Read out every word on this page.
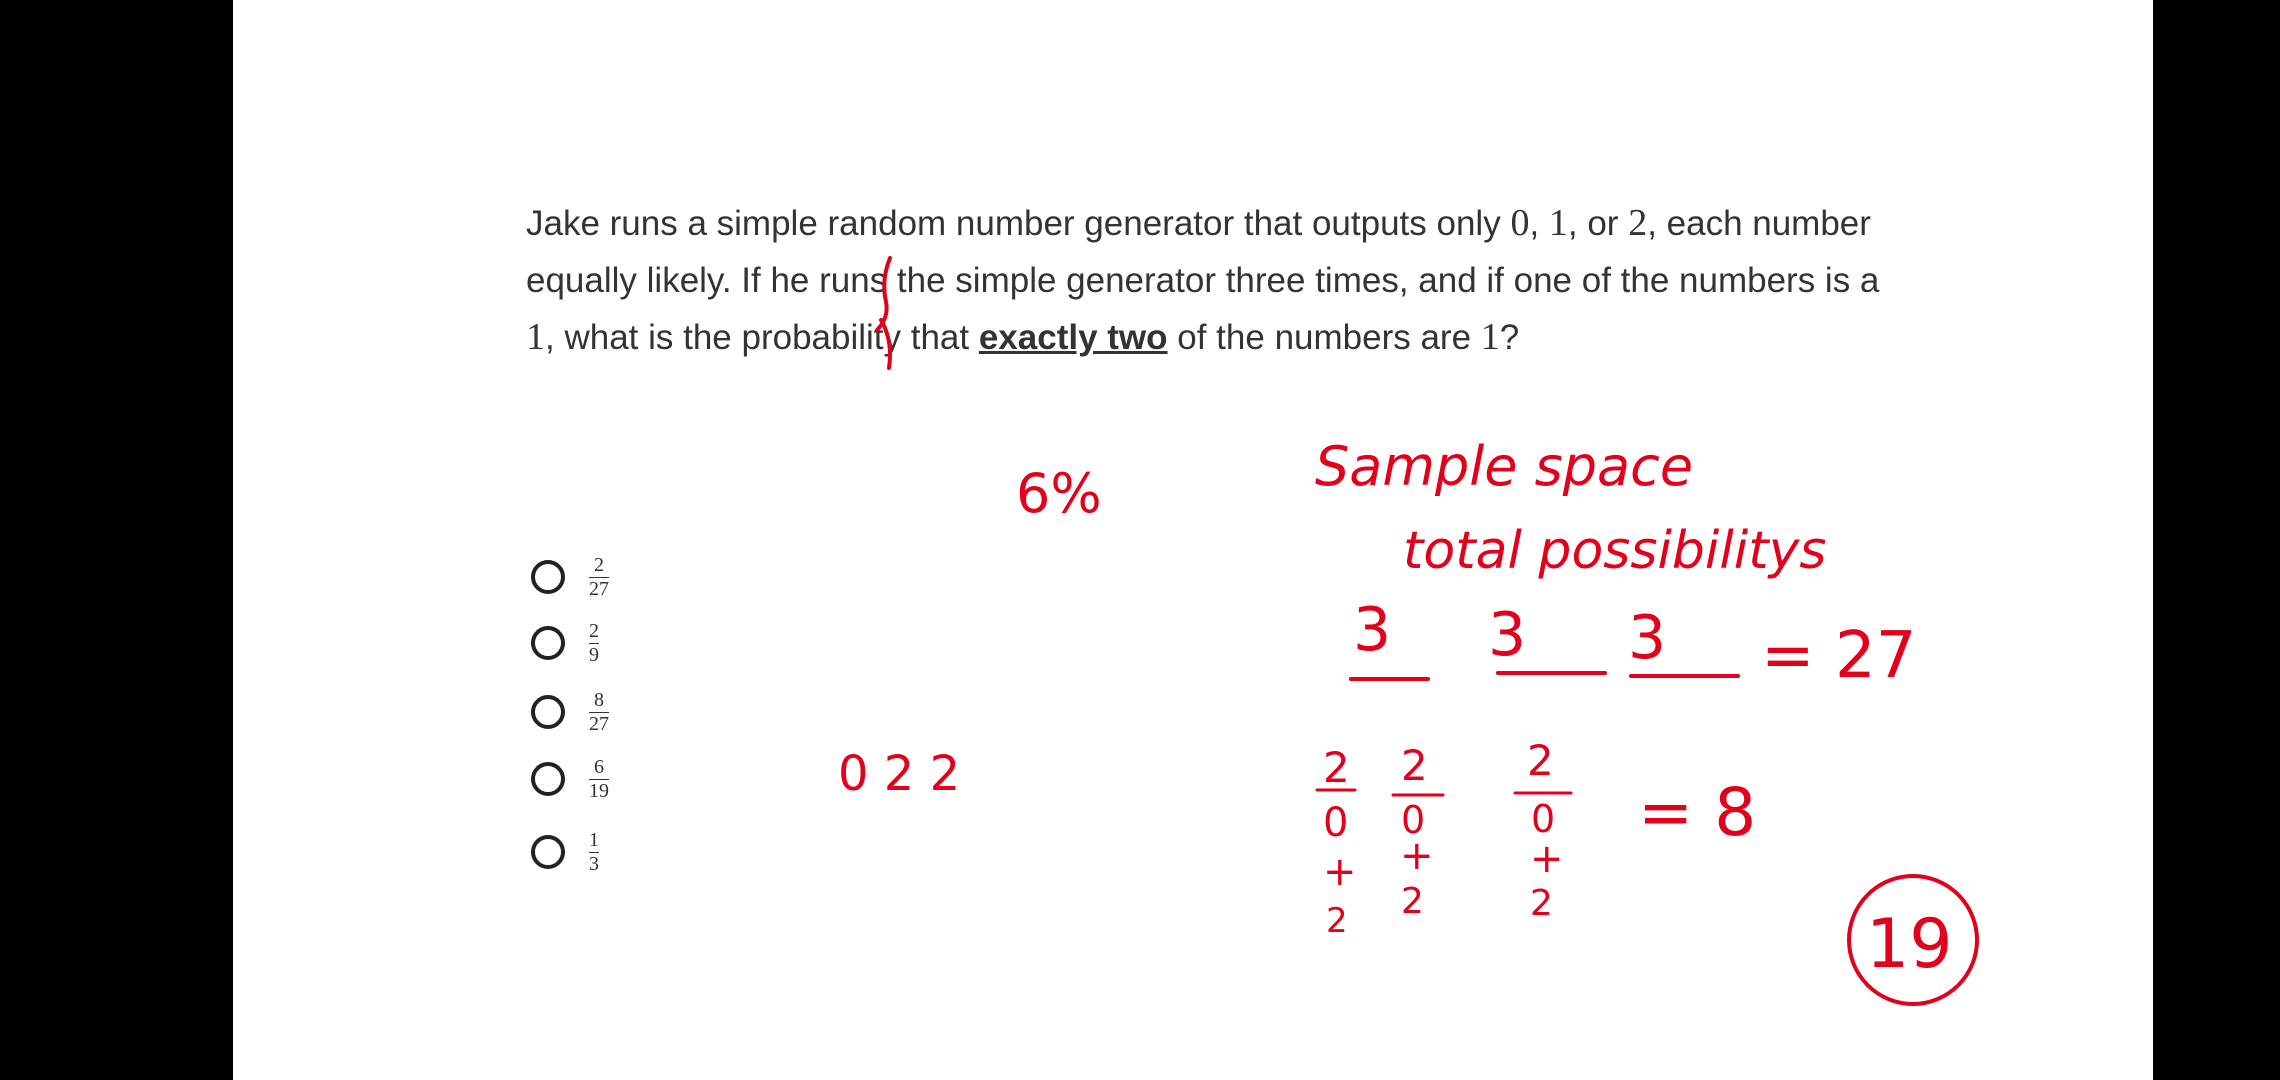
Jake runs a simple random number generator that outputs only 0, 1, or 2, each number equally likely. If he runs the simple generator three times, and if one of the numbers is a 1, what is the probability that exactly two of the numbers are 1?
$\frac{2}{27}$
$\frac{2}{9}$
$\frac{8}{27}$
$\frac{6}{19}$
$\frac{1}{3}$
6%	Sample space
total possibilitys
3 3 3 = 27
0 2 2	2
0
+
2
2
0
+
2
2
0
+
2
= 8
19
